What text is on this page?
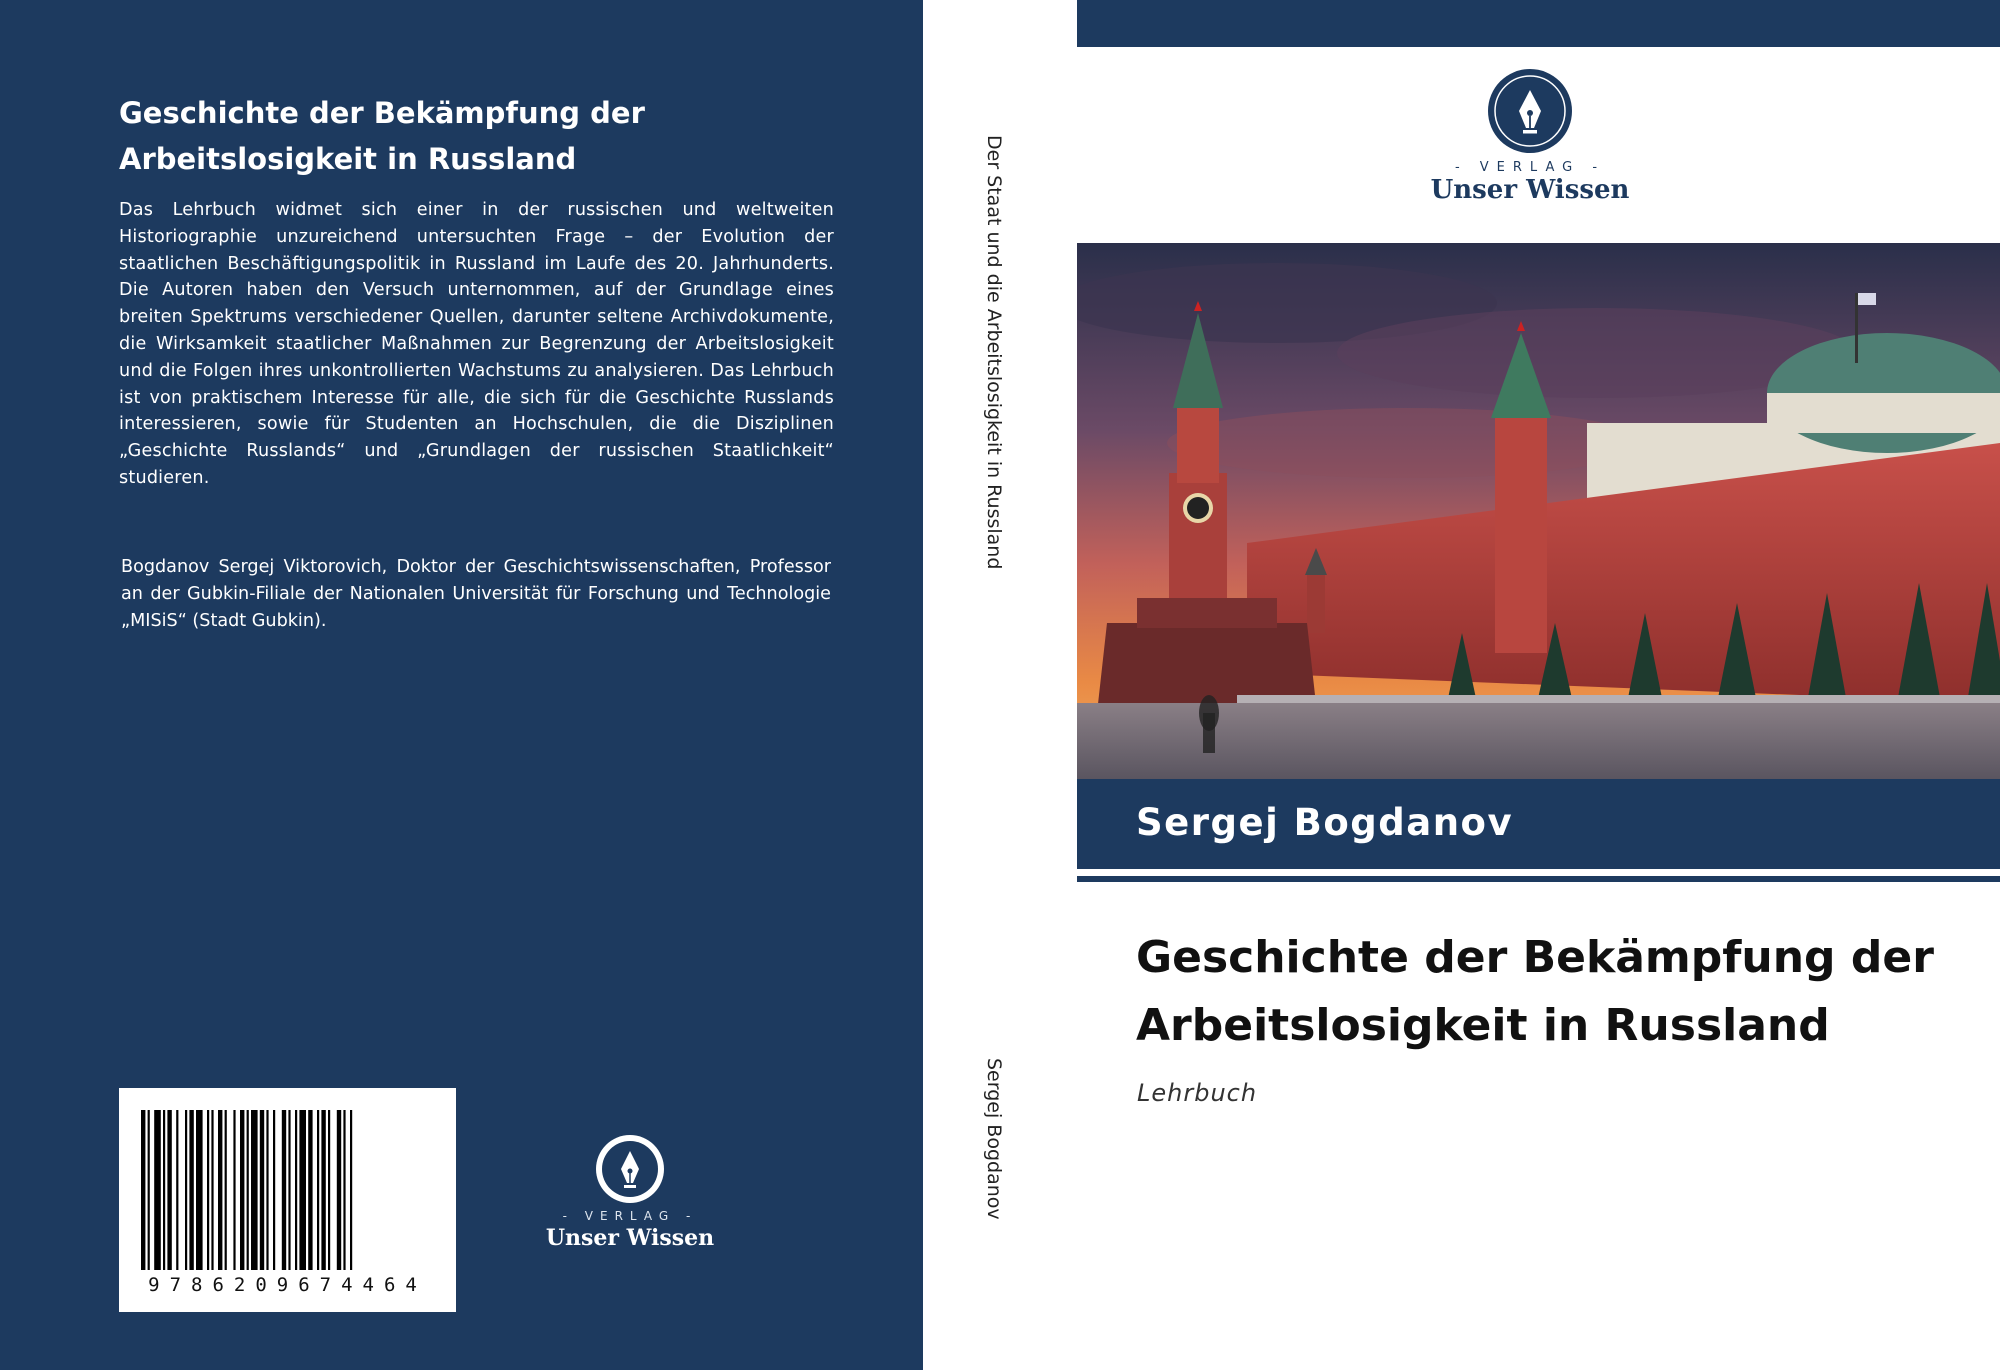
Geschichte der Bekämpfung der Arbeitslosigkeit in Russland

Das Lehrbuch widmet sich einer in der russischen und weltweiten Historiographie unzureichend untersuchten Frage – der Evolution der staatlichen Beschäftigungspolitik in Russland im Laufe des 20. Jahrhunderts. Die Autoren haben den Versuch unternommen, auf der Grundlage eines breiten Spektrums verschiedener Quellen, darunter seltene Archivdokumente, die Wirksamkeit staatlicher Maßnahmen zur Begrenzung der Arbeitslosigkeit und die Folgen ihres unkontrollierten Wachstums zu analysieren. Das Lehrbuch ist von praktischem Interesse für alle, die sich für die Geschichte Russlands interessieren, sowie für Studenten an Hochschulen, die die Disziplinen „Geschichte Russlands“ und „Grundlagen der russischen Staatlichkeit“ studieren.

Bogdanov Sergej Viktorovich, Doktor der Geschichtswissenschaften, Professor an der Gubkin-Filiale der Nationalen Universität für Forschung und Technologie „MISiS“ (Stadt Gubkin).

9786209674464
- VERLAG -
Unser Wissen
Der Staat und die Arbeitslosigkeit in Russland
Sergej Bogdanov
- VERLAG -
Unser Wissen
Sergej Bogdanov
Geschichte der Bekämpfung der Arbeitslosigkeit in Russland
Lehrbuch
